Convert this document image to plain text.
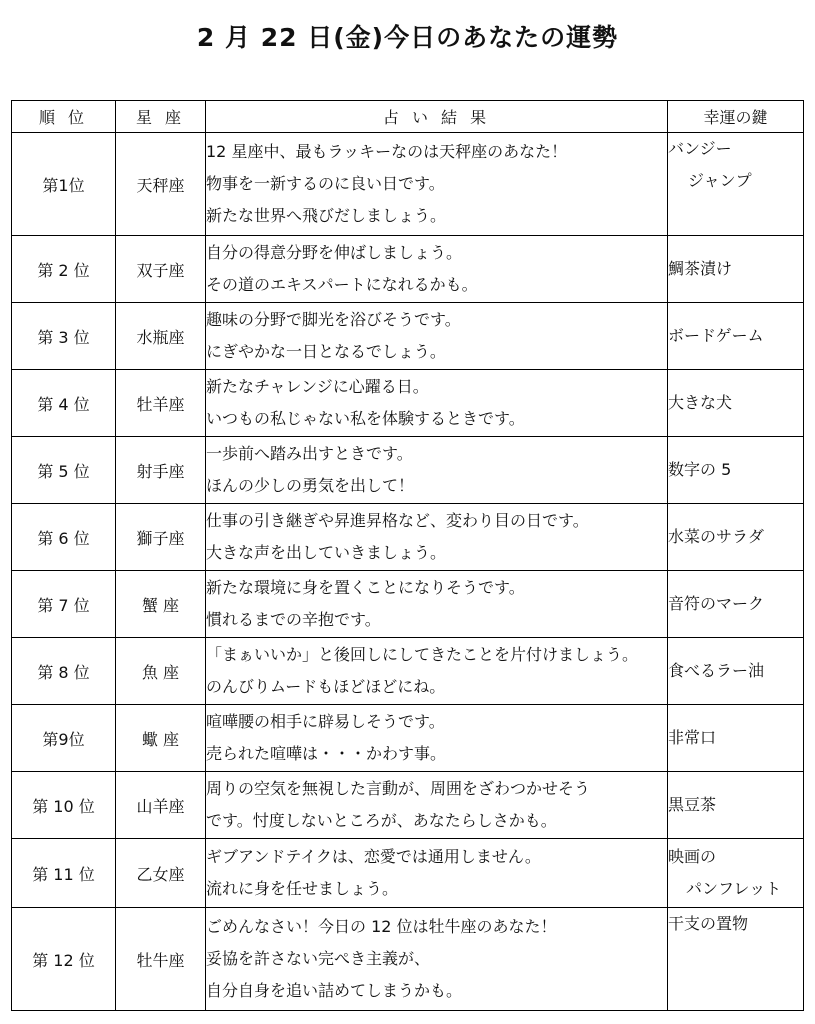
2 月 22 日(金)今日のあなたの運勢
順 位	星 座	占 い 結 果	幸運の鍵
第1位	天秤座	12 星座中、最もラッキーなのは天秤座のあなた！
物事を一新するのに良い日です。
新たな世界へ飛びだしましょう。	バンジー
ジャンプ

第 2 位	双子座	自分の得意分野を伸ばしましょう。
その道のエキスパートになれるかも。	鯛茶漬け

第 3 位	水瓶座	趣味の分野で脚光を浴びそうです。
にぎやかな一日となるでしょう。	ボードゲーム

第 4 位	牡羊座	新たなチャレンジに心躍る日。
いつもの私じゃない私を体験するときです。	大きな犬

第 5 位	射手座	一歩前へ踏み出すときです。
ほんの少しの勇気を出して！	数字の 5

第 6 位	獅子座	仕事の引き継ぎや昇進昇格など、変わり目の日です。
大きな声を出していきましょう。	水菜のサラダ

第 7 位	蟹 座	新たな環境に身を置くことになりそうです。
慣れるまでの辛抱です。	音符のマーク

第 8 位	魚 座	「まぁいいか」と後回しにしてきたことを片付けましょう。
のんびりムードもほどほどにね。	食べるラー油

第9位	蠍 座	喧嘩腰の相手に辟易しそうです。
売られた喧嘩は・・・かわす事。	非常口

第 10 位	山羊座	周りの空気を無視した言動が、周囲をざわつかせそう
です。忖度しないところが、あなたらしさかも。	黒豆茶

第 11 位	乙女座	ギブアンドテイクは、恋愛では通用しません。
流れに身を任せましょう。	映画の
パンフレット

第 12 位	牡牛座	ごめんなさい！今日の 12 位は牡牛座のあなた！
妥協を許さない完ぺき主義が、
自分自身を追い詰めてしまうかも。	干支の置物
